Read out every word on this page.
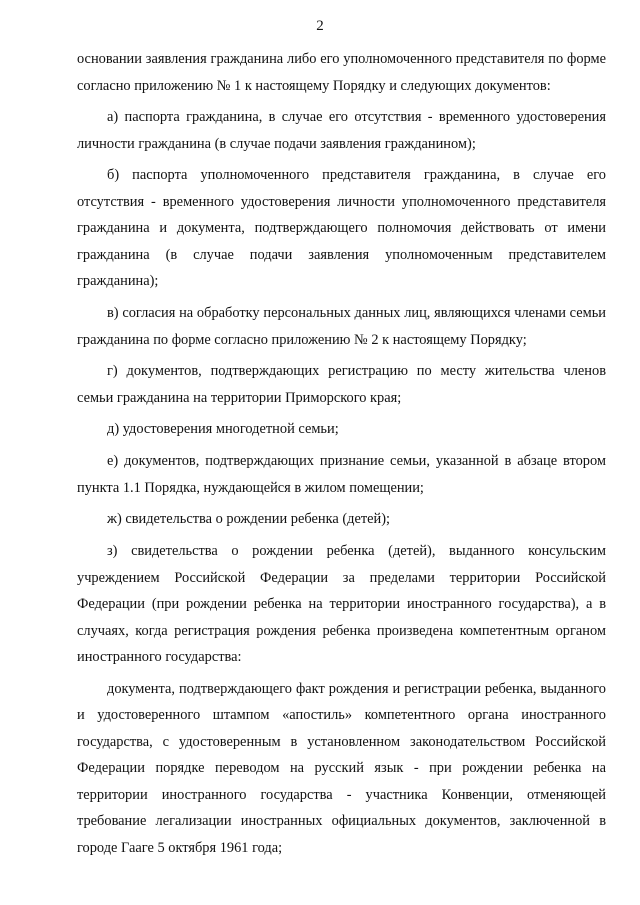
2

основании заявления гражданина либо его уполномоченного представителя по форме согласно приложению № 1 к настоящему Порядку и следующих документов:

а) паспорта гражданина, в случае его отсутствия - временного удостоверения личности гражданина (в случае подачи заявления гражданином);

б) паспорта уполномоченного представителя гражданина, в случае его отсутствия - временного удостоверения личности уполномоченного представителя гражданина и документа, подтверждающего полномочия действовать от имени гражданина (в случае подачи заявления уполномоченным представителем гражданина);

в) согласия на обработку персональных данных лиц, являющихся членами семьи гражданина по форме согласно приложению № 2 к настоящему Порядку;

г) документов, подтверждающих регистрацию по месту жительства членов семьи гражданина на территории Приморского края;

д) удостоверения многодетной семьи;

е) документов, подтверждающих признание семьи, указанной в абзаце втором пункта 1.1 Порядка, нуждающейся в жилом помещении;

ж) свидетельства о рождении ребенка (детей);

з) свидетельства о рождении ребенка (детей), выданного консульским учреждением Российской Федерации за пределами территории Российской Федерации (при рождении ребенка на территории иностранного государства), а в случаях, когда регистрация рождения ребенка произведена компетентным органом иностранного государства:

документа, подтверждающего факт рождения и регистрации ребенка, выданного и удостоверенного штампом «апостиль» компетентного органа иностранного государства, с удостоверенным в установленном законодательством Российской Федерации порядке переводом на русский язык - при рождении ребенка на территории иностранного государства - участника Конвенции, отменяющей требование легализации иностранных официальных документов, заключенной в городе Гааге 5 октября 1961 года;
